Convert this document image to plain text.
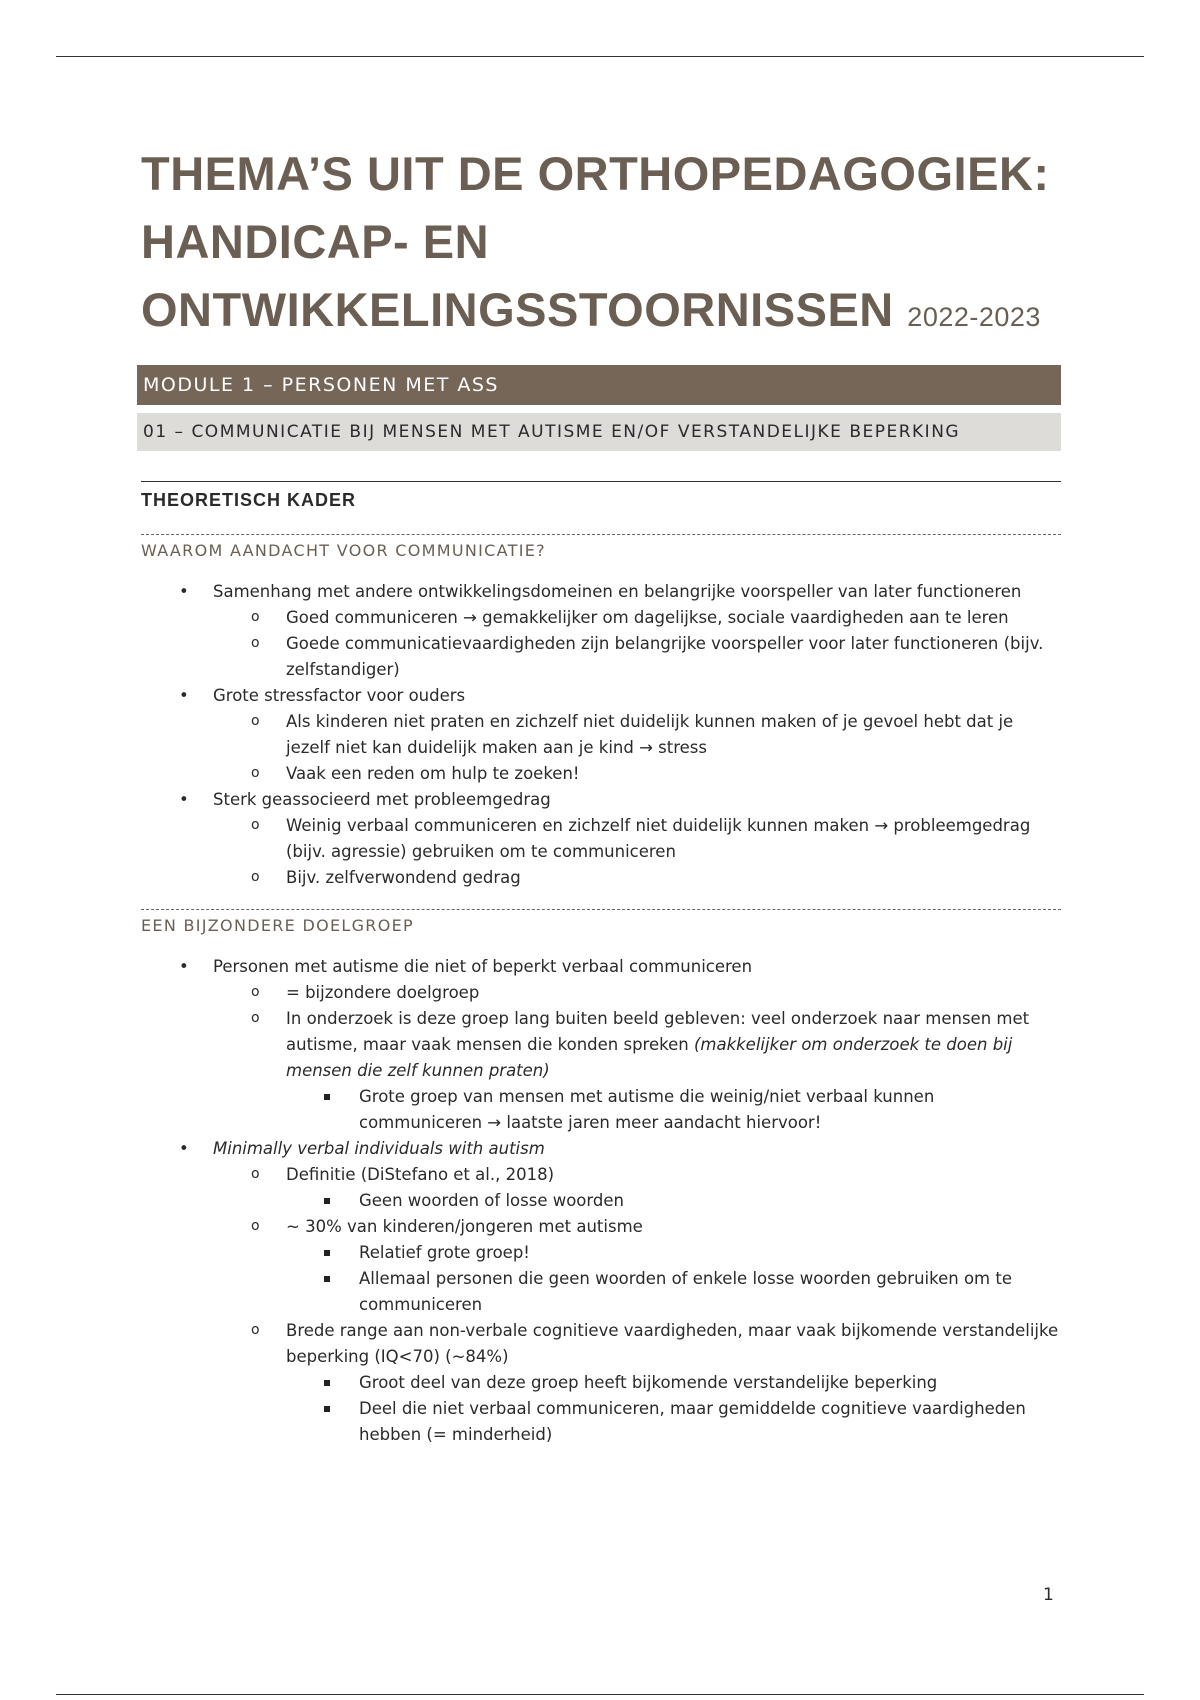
THEMA’S UIT DE ORTHOPEDAGOGIEK:
HANDICAP- EN
ONTWIKKELINGSSTOORNISSEN 2022-2023
MODULE 1 – PERSONEN MET ASS
01 – COMMUNICATIE BIJ MENSEN MET AUTISME EN/OF VERSTANDELIJKE BEPERKING
THEORETISCH KADER
WAAROM AANDACHT VOOR COMMUNICATIE?
• Samenhang met andere ontwikkelingsdomeinen en belangrijke voorspeller van later functioneren
o Goed communiceren → gemakkelijker om dagelijkse, sociale vaardigheden aan te leren
o Goede communicatievaardigheden zijn belangrijke voorspeller voor later functioneren (bijv. zelfstandiger)
• Grote stressfactor voor ouders
o Als kinderen niet praten en zichzelf niet duidelijk kunnen maken of je gevoel hebt dat je jezelf niet kan duidelijk maken aan je kind → stress
o Vaak een reden om hulp te zoeken!
• Sterk geassocieerd met probleemgedrag
o Weinig verbaal communiceren en zichzelf niet duidelijk kunnen maken → probleemgedrag (bijv. agressie) gebruiken om te communiceren
o Bijv. zelfverwondend gedrag
EEN BIJZONDERE DOELGROEP
• Personen met autisme die niet of beperkt verbaal communiceren
o = bijzondere doelgroep
o In onderzoek is deze groep lang buiten beeld gebleven: veel onderzoek naar mensen met autisme, maar vaak mensen die konden spreken (makkelijker om onderzoek te doen bij mensen die zelf kunnen praten)
Grote groep van mensen met autisme die weinig/niet verbaal kunnen communiceren → laatste jaren meer aandacht hiervoor!
• Minimally verbal individuals with autism
o Definitie (DiStefano et al., 2018)
Geen woorden of losse woorden
o ~ 30% van kinderen/jongeren met autisme
Relatief grote groep!
Allemaal personen die geen woorden of enkele losse woorden gebruiken om te communiceren
o Brede range aan non-verbale cognitieve vaardigheden, maar vaak bijkomende verstandelijke beperking (IQ<70) (~84%)
Groot deel van deze groep heeft bijkomende verstandelijke beperking
Deel die niet verbaal communiceren, maar gemiddelde cognitieve vaardigheden hebben (= minderheid)
1
